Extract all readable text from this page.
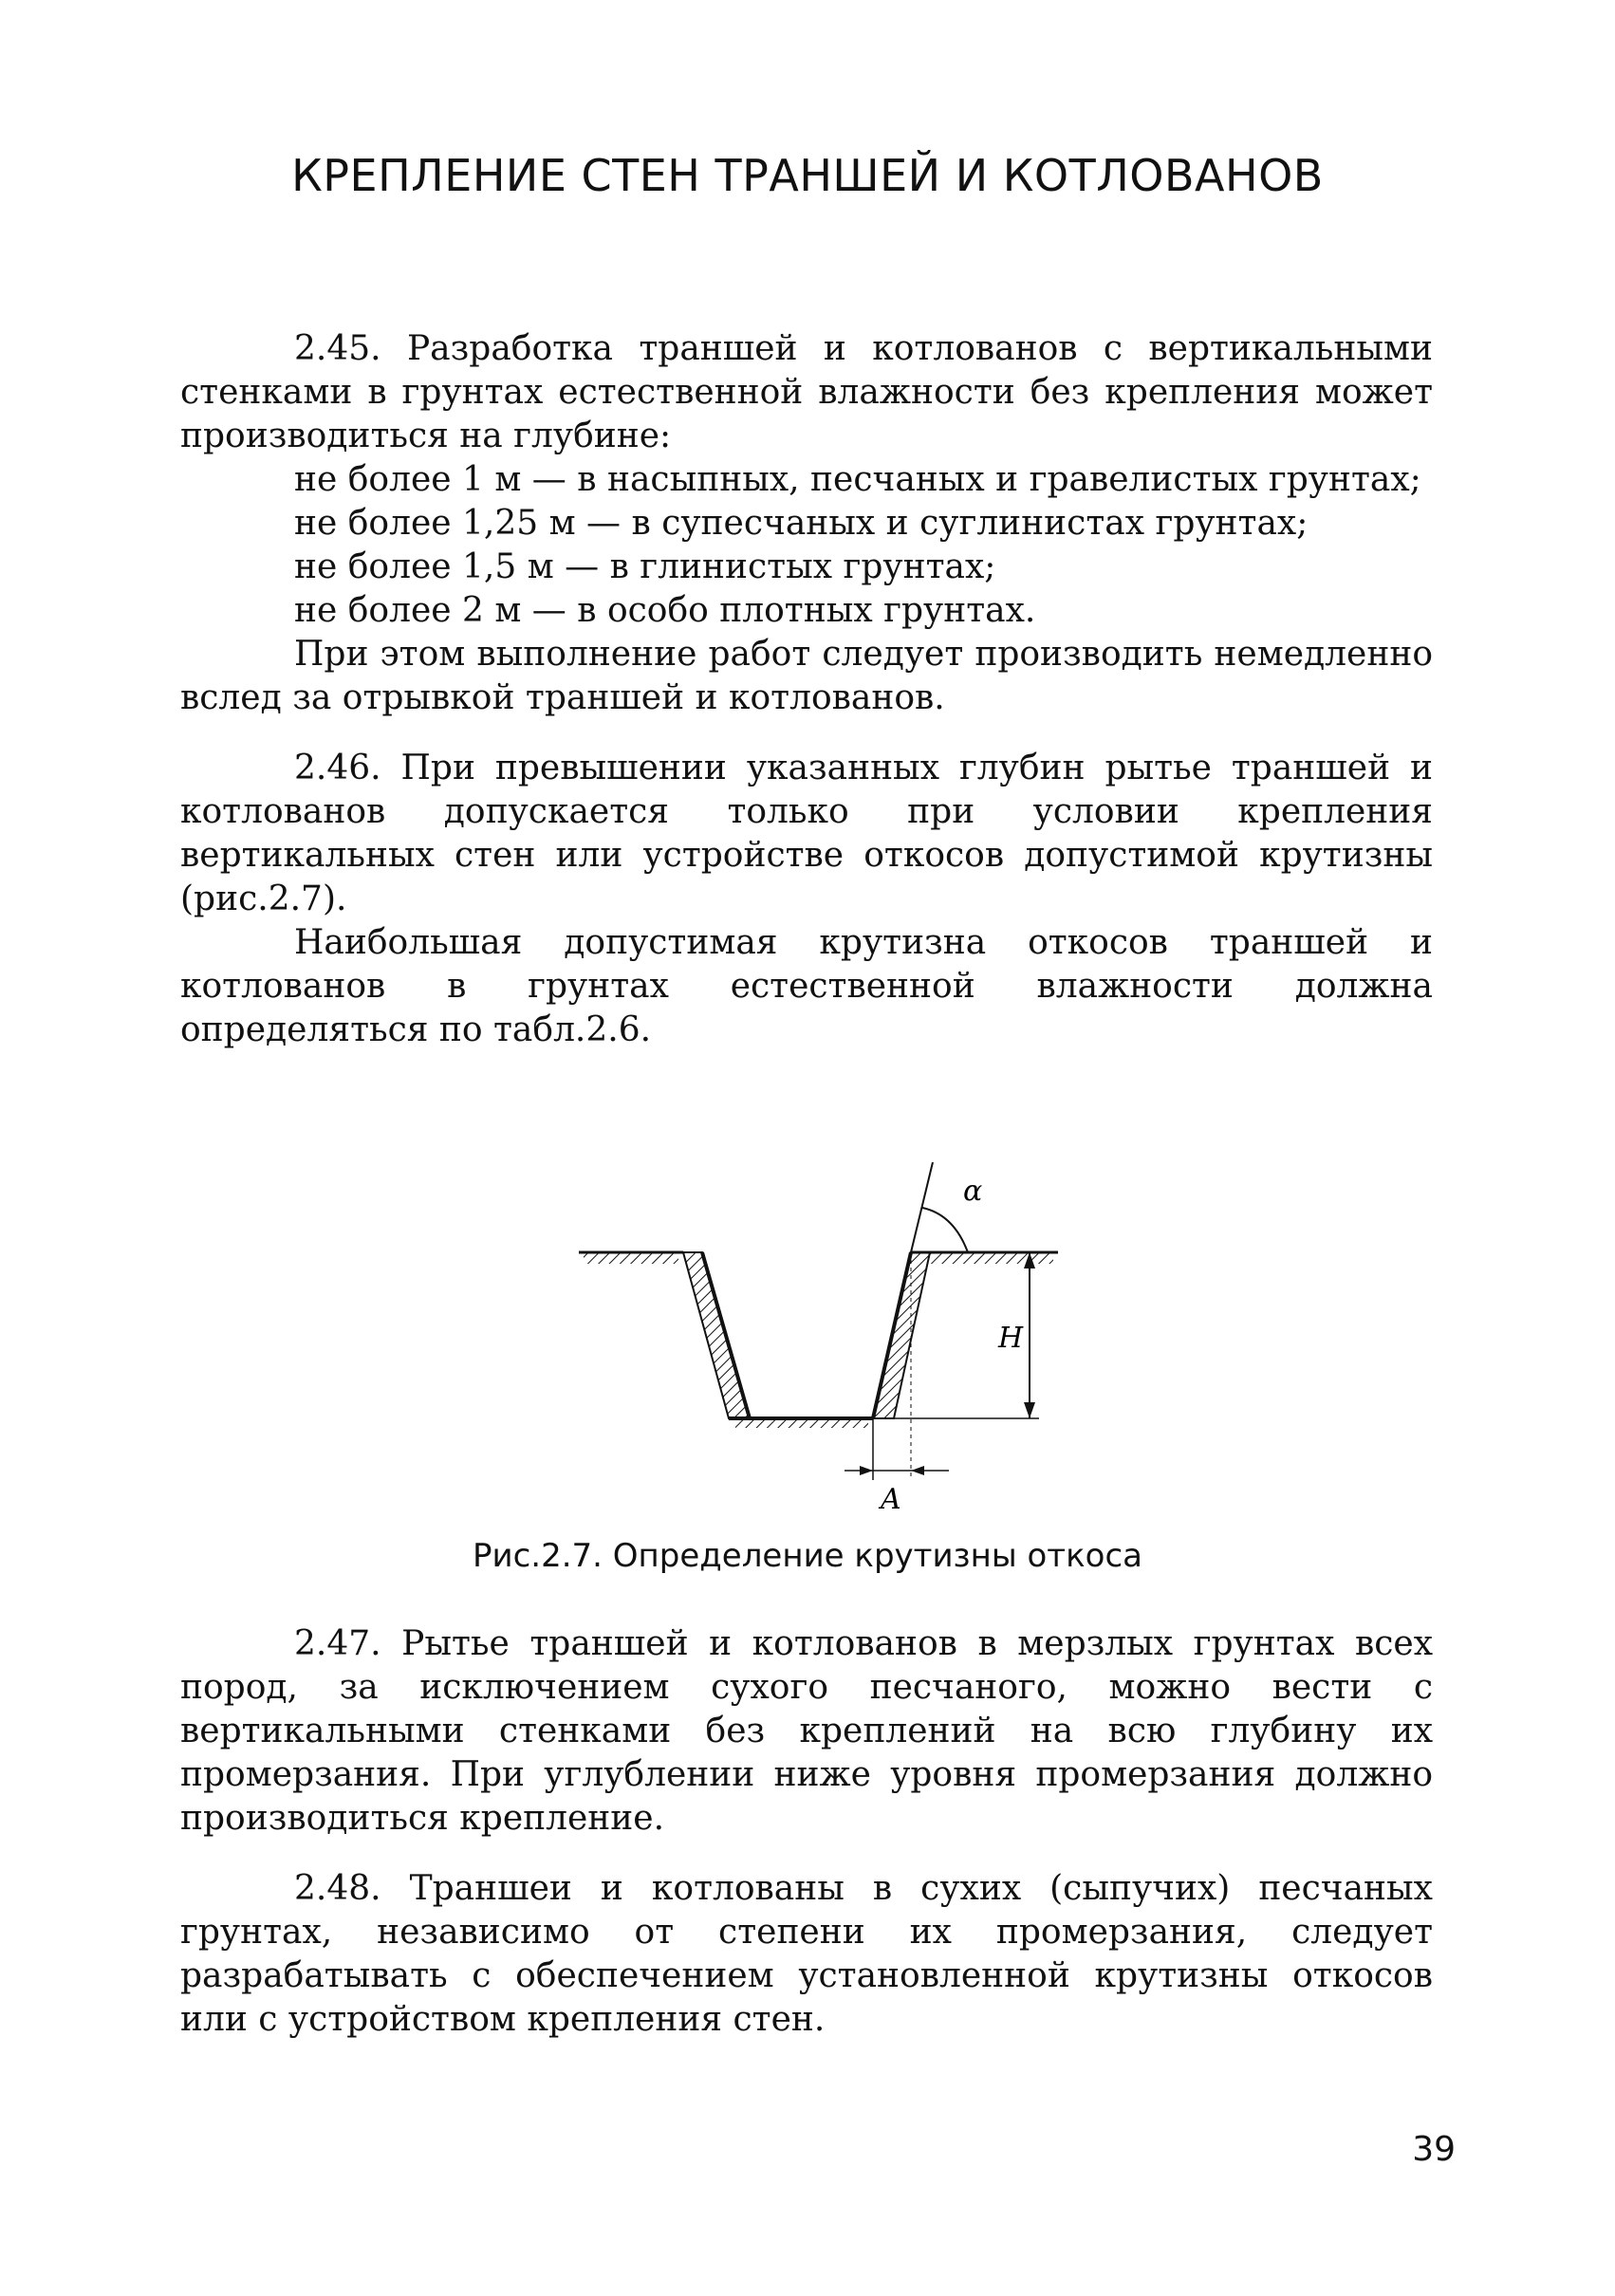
КРЕПЛЕНИЕ СТЕН ТРАНШЕЙ И КОТЛОВАНОВ

2.45. Разработка траншей и котлованов с вертикальными стенками в грунтах естественной влажности без крепления может производиться на глубине:

не более 1 м — в насыпных, песчаных и гравелистых грунтах;

не более 1,25 м — в супесчаных и суглинистах грунтах;

не более 1,5 м — в глинистых грунтах;

не более 2 м — в особо плотных грунтах.

При этом выполнение работ следует производить немедленно вслед за отрывкой траншей и котлованов.

2.46. При превышении указанных глубин рытье траншей и котлованов допускается только при условии крепления вертикальных стен или устройстве откосов допустимой крутизны (рис.2.7).

Наибольшая допустимая крутизна откосов траншей и котлованов в грунтах естественной влажности должна определяться по табл.2.6.

α
H
A
Рис.2.7. Определение крутизны откоса

2.47. Рытье траншей и котлованов в мерзлых грунтах всех пород, за исключением сухого песчаного, можно вести с вертикальными стенками без креплений на всю глубину их промерзания. При углублении ниже уровня промерзания должно производиться крепление.

2.48. Траншеи и котлованы в сухих (сыпучих) песчаных грунтах, независимо от степени их промерзания, следует разрабатывать с обеспечением установленной крутизны откосов или с устройством крепления стен.

39
